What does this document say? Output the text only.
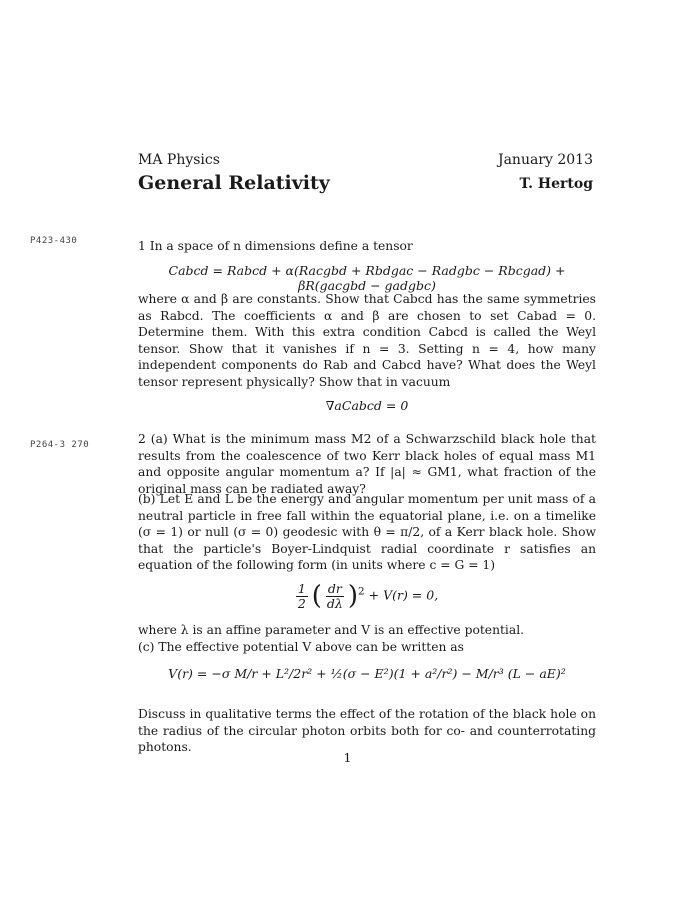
MA Physics	January 2013
General Relativity	T. Hertog
P423-430
P264-3 270
1 In a space of n dimensions define a tensor
Cabcd = Rabcd + α(Racgbd + Rbdgac − Radgbc − Rbcgad) + βR(gacgbd − gadgbc)
where α and β are constants. Show that Cabcd has the same symmetries as Rabcd. The coefficients α and β are chosen to set Cabad = 0. Determine them. With this extra condition Cabcd is called the Weyl tensor. Show that it vanishes if n = 3. Setting n = 4, how many independent components do Rab and Cabcd have? What does the Weyl tensor represent physically? Show that in vacuum
∇aCabcd = 0
2 (a) What is the minimum mass M2 of a Schwarzschild black hole that results from the coalescence of two Kerr black holes of equal mass M1 and opposite angular momentum a? If |a| ≈ GM1, what fraction of the original mass can be radiated away?
(b) Let E and L be the energy and angular momentum per unit mass of a neutral particle in free fall within the equatorial plane, i.e. on a timelike (σ = 1) or null (σ = 0) geodesic with θ = π/2, of a Kerr black hole. Show that the particle's Boyer-Lindquist radial coordinate r satisfies an equation of the following form (in units where c = G = 1)
$\frac{1}{2}$ ( $\frac{dr}{d\lambda} )^2 + V(r) = 0$,
where λ is an affine parameter and V is an effective potential.
(c) The effective potential V above can be written as
V(r) = −σ M/r + L²/2r² + ½(σ − E²)(1 + a²/r²) − M/r³ (L − aE)²
Discuss in qualitative terms the effect of the rotation of the black hole on the radius of the circular photon orbits both for co- and counterrotating photons.
1
